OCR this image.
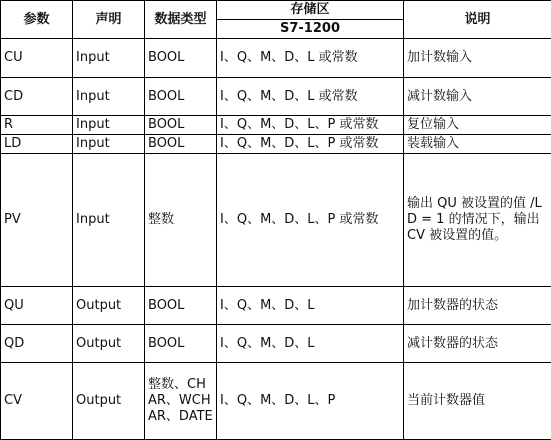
参数	声明	数据类型	存储区	说明
			S7-1200	
CU	Input	BOOL	I、Q、M、D、L 或常数	加计数输入
CD	Input	BOOL	I、Q、M、D、L 或常数	减计数输入
R	Input	BOOL	I、Q、M、D、L、P 或常数	复位输入
LD	Input	BOOL	I、Q、M、D、L、P 或常数	装载输入
PV	Input	整数	I、Q、M、D、L、P 或常数	输出 QU 被设置的值 /LD = 1 的情况下，输出 CV 被设置的值。
QU	Output	BOOL	I、Q、M、D、L	加计数器的状态
QD	Output	BOOL	I、Q、M、D、L	减计数器的状态
CV	Output	整数、CHAR、WCHAR、DATE	I、Q、M、D、L、P	当前计数器值
